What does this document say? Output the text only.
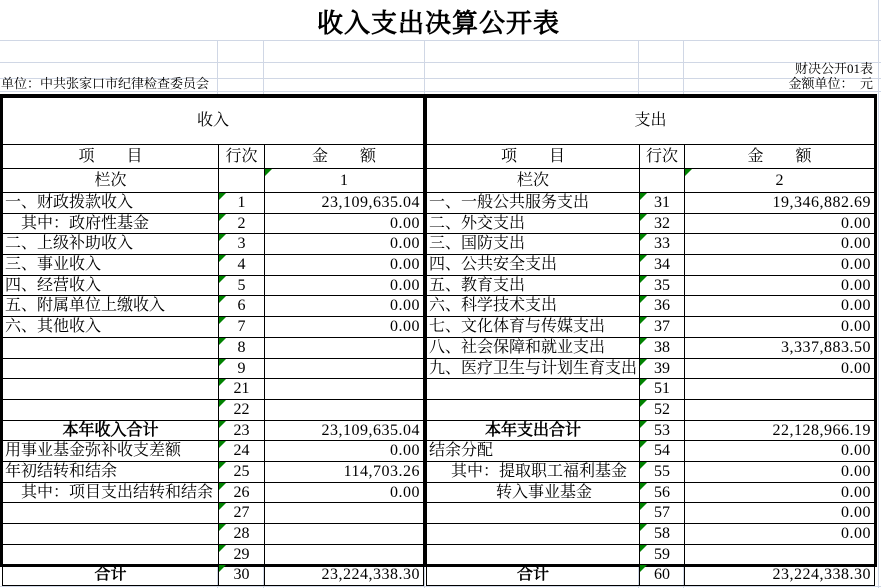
收入支出决算公开表
财决公开01表
单位：中共张家口市纪律检查委员会	金额单位：　元
收入		
项　　目	行次	金　　额
栏次		1
一、财政拨款收入	1	23,109,635.04
其中：政府性基金	2	0.00
二、上级补助收入	3	0.00
三、事业收入	4	0.00
四、经营收入	5	0.00
五、附属单位上缴收入	6	0.00
六、其他收入	7	0.00
	8	
	9	
	21	
	22	
本年收入合计	23	23,109,635.04
用事业基金弥补收支差额	24	0.00
年初结转和结余	25	114,703.26
其中：项目支出结转和结余	26	0.00
	27	
	28	
	29	
合计	30	23,224,338.30
支出		
项　　目	行次	金　　额
栏次		2
一、一般公共服务支出	31	19,346,882.69
二、外交支出	32	0.00
三、国防支出	33	0.00
四、公共安全支出	34	0.00
五、教育支出	35	0.00
六、科学技术支出	36	0.00
七、文化体育与传媒支出	37	0.00
八、社会保障和就业支出	38	3,337,883.50
九、医疗卫生与计划生育支出	39	0.00
	51	
	52	
本年支出合计	53	22,128,966.19
结余分配	54	0.00
其中：提取职工福利基金	55	0.00
转入事业基金	56	0.00
	57	0.00
	58	0.00
	59	
合计	60	23,224,338.30
